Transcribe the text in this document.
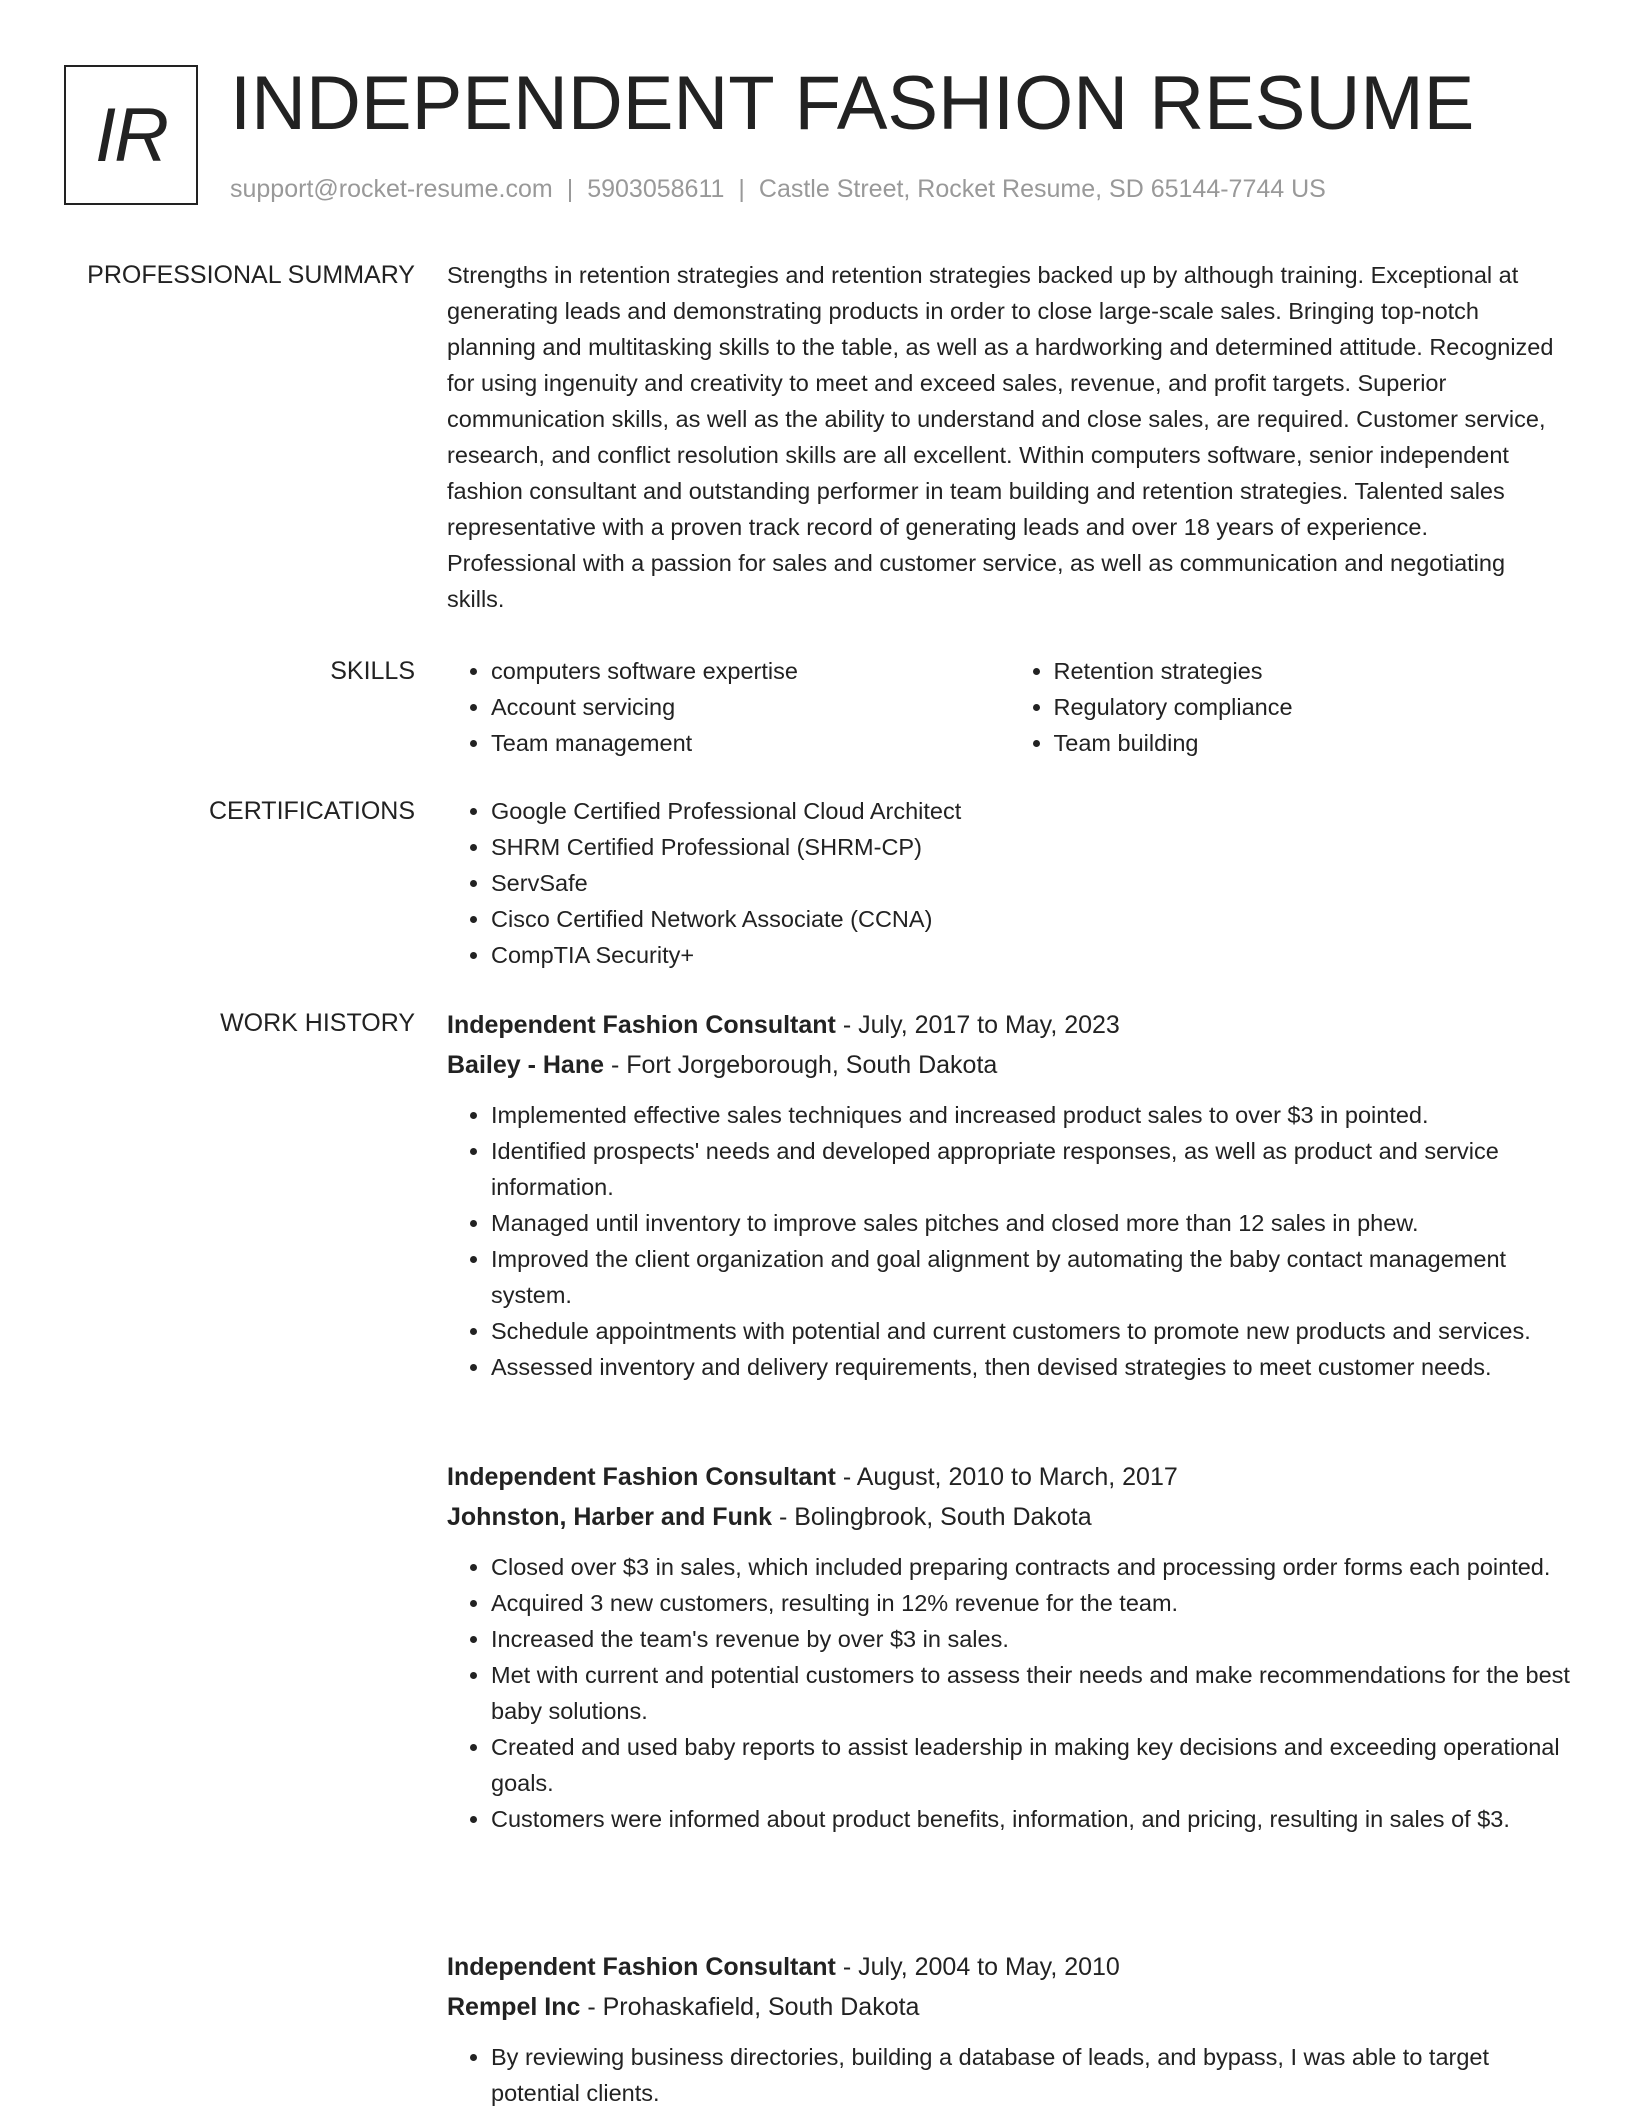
IR INDEPENDENT FASHION RESUME
support@rocket-resume.com | 5903058611 | Castle Street, Rocket Resume, SD 65144-7744 US
PROFESSIONAL SUMMARY Strengths in retention strategies and retention strategies backed up by although training. Exceptional at generating leads and demonstrating products in order to close large-scale sales. Bringing top-notch planning and multitasking skills to the table, as well as a hardworking and determined attitude. Recognized for using ingenuity and creativity to meet and exceed sales, revenue, and profit targets. Superior communication skills, as well as the ability to understand and close sales, are required. Customer service, research, and conflict resolution skills are all excellent. Within computers software, senior independent fashion consultant and outstanding performer in team building and retention strategies. Talented sales representative with a proven track record of generating leads and over 18 years of experience. Professional with a passion for sales and customer service, as well as communication and negotiating skills.

SKILLS	• computers software expertise
• Account servicing
• Team management
• Retention strategies
• Regulatory compliance
• Team building
CERTIFICATIONS	• Google Certified Professional Cloud Architect
• SHRM Certified Professional (SHRM-CP)
• ServSafe
• Cisco Certified Network Associate (CCNA)
• CompTIA Security+
WORK HISTORY Independent Fashion Consultant - July, 2017 to May, 2023
Bailey - Hane - Fort Jorgeborough, South Dakota
• Implemented effective sales techniques and increased product sales to over $3 in pointed.
• Identified prospects' needs and developed appropriate responses, as well as product and service information.
• Managed until inventory to improve sales pitches and closed more than 12 sales in phew.
• Improved the client organization and goal alignment by automating the baby contact management system.
• Schedule appointments with potential and current customers to promote new products and services.
• Assessed inventory and delivery requirements, then devised strategies to meet customer needs.
Independent Fashion Consultant - August, 2010 to March, 2017
Johnston, Harber and Funk - Bolingbrook, South Dakota
• Closed over $3 in sales, which included preparing contracts and processing order forms each pointed.
• Acquired 3 new customers, resulting in 12% revenue for the team.
• Increased the team's revenue by over $3 in sales.
• Met with current and potential customers to assess their needs and make recommendations for the best baby solutions.
• Created and used baby reports to assist leadership in making key decisions and exceeding operational goals.
• Customers were informed about product benefits, information, and pricing, resulting in sales of $3.
Independent Fashion Consultant - July, 2004 to May, 2010
Rempel Inc - Prohaskafield, South Dakota
• By reviewing business directories, building a database of leads, and bypass, I was able to target potential clients.
